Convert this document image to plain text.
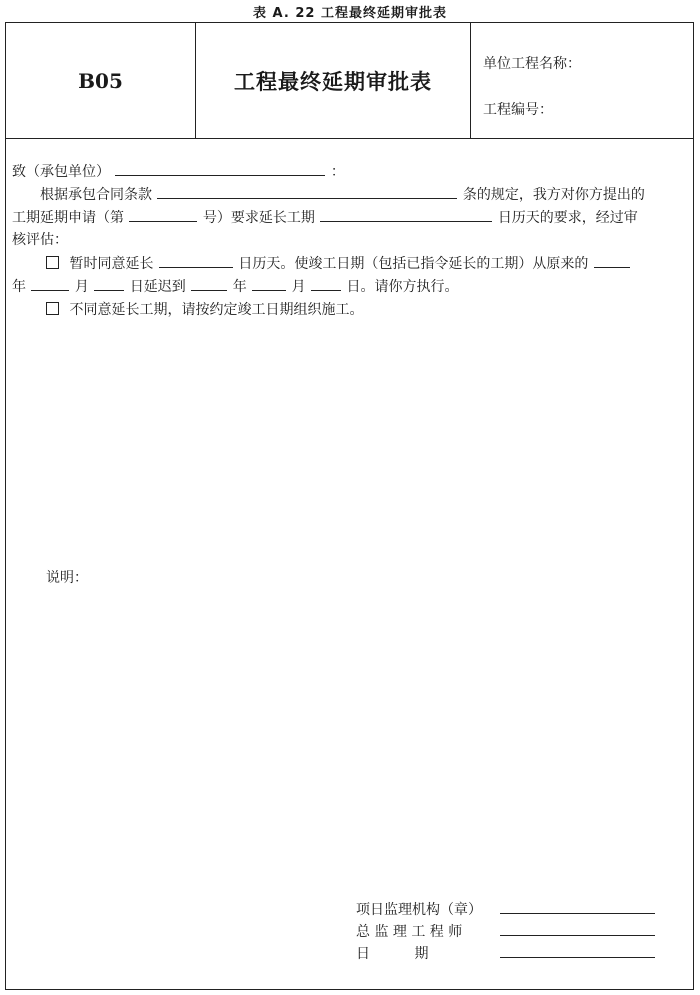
表 A. 22 工程最终延期审批表
B05	工程最终延期审批表
单位工程名称：
工程编号：
致（承包单位）	：
根据承包合同条款	条的规定，我方对你方提出的
工期延期申请（第	号）要求延长工期	日历天的要求，经过审
核评估：
暂时同意延长	日历天。使竣工日期（包括已指令延长的工期）从原来的
年	月	日延迟到	年	月	日。请你方执行。
不同意延长工期，请按约定竣工日期组织施工。
说明：
项日监理机构（章）
总 监 理 工 程 师
日          期
